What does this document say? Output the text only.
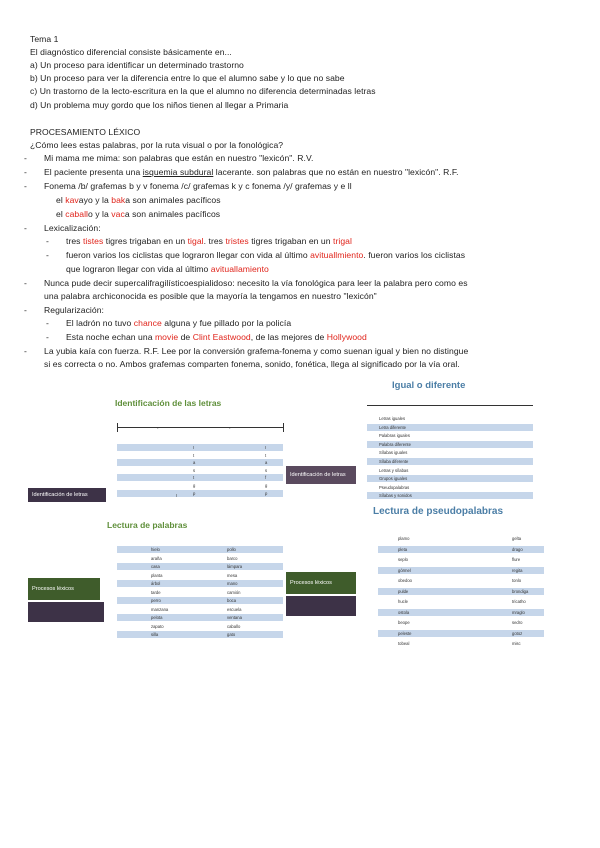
Tema 1
El diagnóstico diferencial consiste básicamente en...
a) Un proceso para identificar un determinado trastorno
b) Un proceso para ver la diferencia entre lo que el alumno sabe y lo que no sabe
c) Un trastorno de la lecto-escritura en la que el alumno no diferencia determinadas letras
d) Un problema muy gordo que los niños tienen al llegar a Primaria
PROCESAMIENTO LÉXICO
¿Cómo lees estas palabras, por la ruta visual o por la fonológica?
- Mi mama me mima: son palabras que están en nuestro "lexicón". R.V.
- El paciente presenta una isquemia subdural lacerante. son palabras que no están en nuestro "lexicón". R.F.
- Fonema /b/ grafemas b y v fonema /c/ grafemas k y c fonema /y/ grafemas y e ll
el kavayo y la baka son animales pacíficos
el caballo y la vaca son animales pacíficos
- Lexicalización:
- tres tistes tigres trigaban en un tigal. tres tristes tigres trigaban en un trigal
- fueron varios los ciclistas que lograron llegar con vida al último avituallmiento. fueron varios los ciclistas
que lograron llegar con vida al último avituallamiento
- Nunca pude decir supercalifragilísticoespialidoso: necesito la vía fonológica para leer la palabra pero como es
una palabra archiconocida es posible que la mayoría la tengamos en nuestro "lexicón"
- Regularización:
- El ladrón no tuvo chance alguna y fue pillado por la policía
- Esta noche echan una movie de Clint Eastwood, de las mejores de Hollywood
- La yubia kaía con fuerza. R.F. Lee por la conversión grafema-fonema y como suenan igual y bien no distingue
si es correcta o no. Ambos grafemas comparten fonema, sonido, fonética, llega al significado por la vía oral.
Identificación de las letras
-	-
I	I
t	t
a	a
s	s
t	f
g	g
p	p
I
Identificación de letras
Identificación de letras
Igual o diferente
Letras iguales
Letra diferente
Palabras iguales
Palabra diferente
Sílabas iguales
Sílaba diferente
Letras y sílabas
Grupos iguales
Pseudopalabras
Sílabas y sonidos
Lectura de palabras
hielo	pollo
araña	barco
casa	lámpara
planta	mesa
árbol	mano
tarde	camión
perro	boca
manzana	escuela
pelota	ventana
zapato	caballo
silla	gato
Procesos léxicos
Lectura de pseudopalabras
plamo	gelta
pleta	drago
seplo	flure
górmel	regita
obedoo	tonlo
pulde	brondiga
hucle	tricatho
ostola	mraglo
beope	sedro
peleste	gotoz
tobeal	misc
Procesos léxicos
